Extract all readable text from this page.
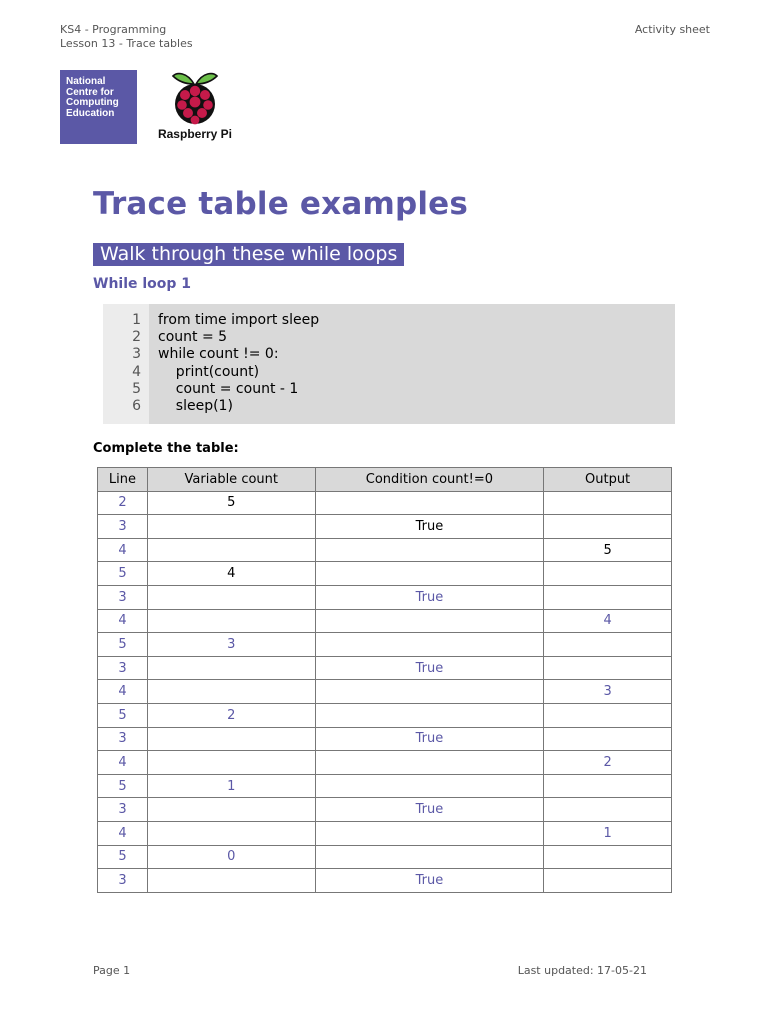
KS4 - Programming
Lesson 13 - Trace tables
Activity sheet
National
Centre for
Computing
Education
Raspberry Pi
Trace table examples
Walk through these while loops
While loop 1
1
2
3
4
5
6
from time import sleep
count = 5
while count != 0:
print(count)
count = count - 1
sleep(1)
Complete the table:
Line	Variable count	Condition count!=0	Output
2	5		
3		True	
4			5
5	4		
3		True	
4			4
5	3		
3		True	
4			3
5	2		
3		True	
4			2
5	1		
3		True	
4			1
5	0		
3		True	
Page 1	Last updated: 17-05-21
